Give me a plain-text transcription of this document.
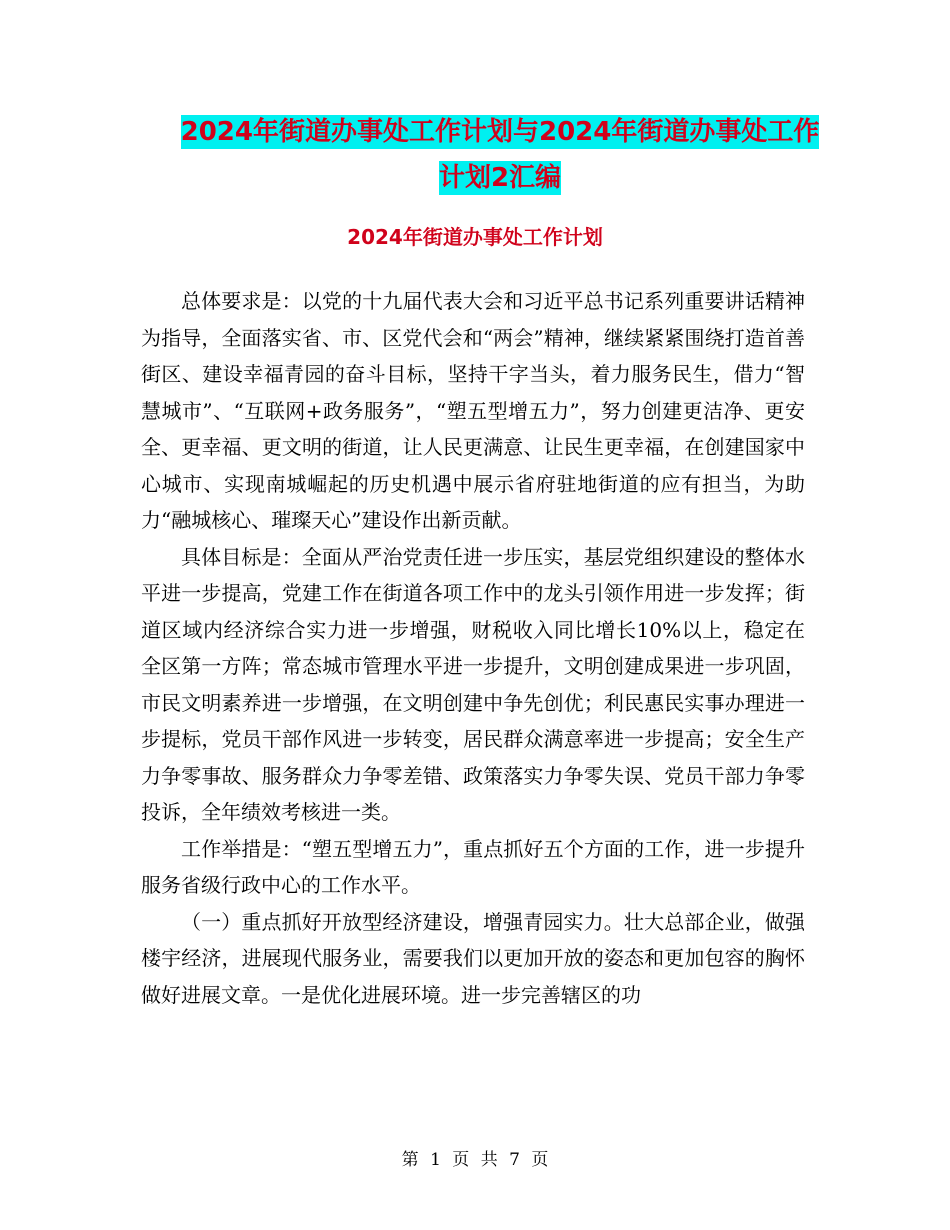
2024年街道办事处工作计划与2024年街道办事处工作计划2汇编
2024年街道办事处工作计划

总体要求是：以党的十九届代表大会和习近平总书记系列重要讲话精神为指导，全面落实省、市、区党代会和“两会”精神，继续紧紧围绕打造首善街区、建设幸福青园的奋斗目标，坚持干字当头，着力服务民生，借力“智慧城市”、“互联网+政务服务”，“塑五型增五力”，努力创建更洁净、更安全、更幸福、更文明的街道，让人民更满意、让民生更幸福，在创建国家中心城市、实现南城崛起的历史机遇中展示省府驻地街道的应有担当，为助力“融城核心、璀璨天心”建设作出新贡献。

具体目标是：全面从严治党责任进一步压实，基层党组织建设的整体水平进一步提高，党建工作在街道各项工作中的龙头引领作用进一步发挥；街道区域内经济综合实力进一步增强，财税收入同比增长10%以上，稳定在全区第一方阵；常态城市管理水平进一步提升，文明创建成果进一步巩固，市民文明素养进一步增强，在文明创建中争先创优；利民惠民实事办理进一步提标，党员干部作风进一步转变，居民群众满意率进一步提高；安全生产力争零事故、服务群众力争零差错、政策落实力争零失误、党员干部力争零投诉，全年绩效考核进一类。

工作举措是：“塑五型增五力”，重点抓好五个方面的工作，进一步提升服务省级行政中心的工作水平。

（一）重点抓好开放型经济建设，增强青园实力。壮大总部企业，做强楼宇经济，进展现代服务业，需要我们以更加开放的姿态和更加包容的胸怀做好进展文章。一是优化进展环境。进一步完善辖区的功

第 1 页 共 7 页
